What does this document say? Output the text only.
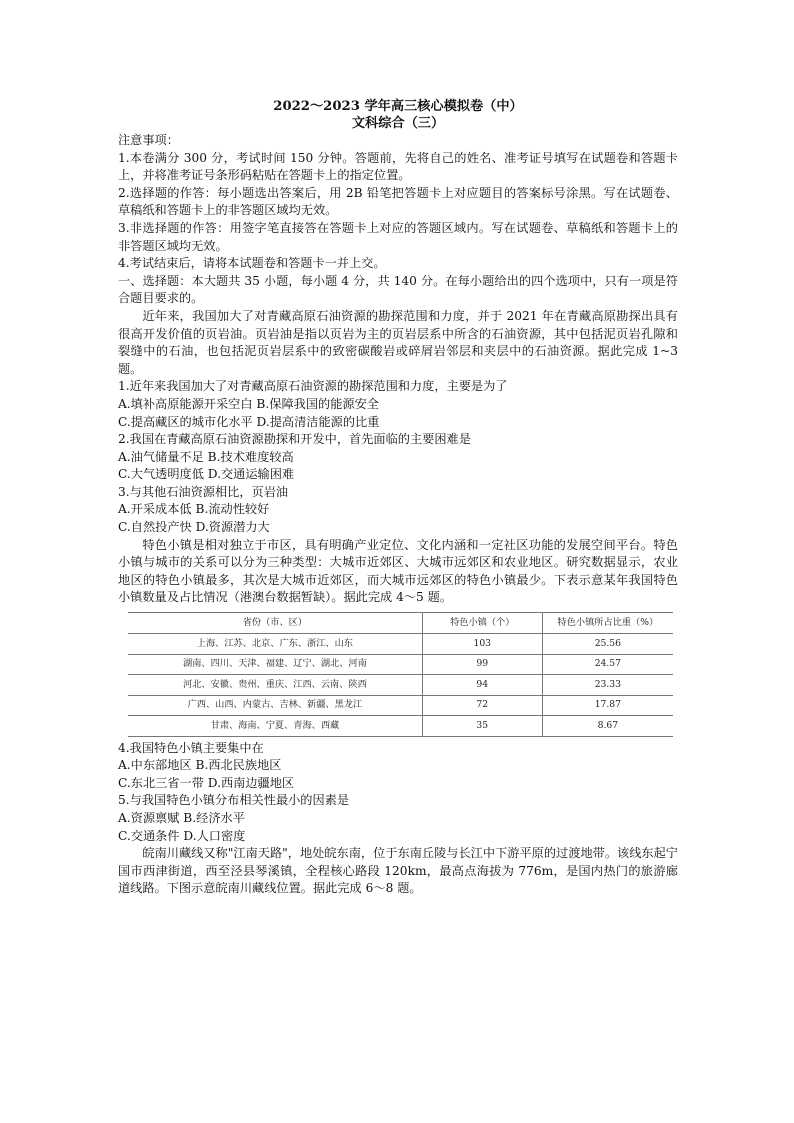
2022～2023 学年高三核心模拟卷（中）

文科综合（三）

注意事项：

1.本卷满分 300 分，考试时间 150 分钟。答题前，先将自己的姓名、准考证号填写在试题卷和答题卡上，并将准考证号条形码粘贴在答题卡上的指定位置。

2.选择题的作答：每小题选出答案后，用 2B 铅笔把答题卡上对应题目的答案标号涂黑。写在试题卷、草稿纸和答题卡上的非答题区域均无效。

3.非选择题的作答：用签字笔直接答在答题卡上对应的答题区域内。写在试题卷、草稿纸和答题卡上的非答题区域均无效。

4.考试结束后，请将本试题卷和答题卡一并上交。

一、选择题：本大题共 35 小题，每小题 4 分，共 140 分。在每小题给出的四个选项中，只有一项是符合题目要求的。

近年来，我国加大了对青藏高原石油资源的勘探范围和力度，并于 2021 年在青藏高原勘探出具有很高开发价值的页岩油。页岩油是指以页岩为主的页岩层系中所含的石油资源，其中包括泥页岩孔隙和裂缝中的石油，也包括泥页岩层系中的致密碳酸岩或碎屑岩邻层和夹层中的石油资源。据此完成 1~3 题。

1.近年来我国加大了对青藏高原石油资源的勘探范围和力度，主要是为了

A.填补高原能源开采空白 B.保障我国的能源安全

C.提高藏区的城市化水平 D.提高清洁能源的比重

2.我国在青藏高原石油资源勘探和开发中，首先面临的主要困难是

A.油气储量不足 B.技术难度较高

C.大气透明度低 D.交通运输困难

3.与其他石油资源相比，页岩油

A.开采成本低 B.流动性较好

C.自然投产快 D.资源潜力大

特色小镇是相对独立于市区，具有明确产业定位、文化内涵和一定社区功能的发展空间平台。特色小镇与城市的关系可以分为三种类型：大城市近郊区、大城市远郊区和农业地区。研究数据显示，农业地区的特色小镇最多，其次是大城市近郊区，而大城市远郊区的特色小镇最少。下表示意某年我国特色小镇数量及占比情况（港澳台数据暂缺）。据此完成 4～5 题。

省份（市、区）	特色小镇（个）	特色小镇所占比重（%）
上海、江苏、北京、广东、浙江、山东	103	25.56
湖南、四川、天津、福建、辽宁、湖北、河南	99	24.57
河北、安徽、贵州、重庆、江西、云南、陕西	94	23.33
广西、山西、内蒙古、吉林、新疆、黑龙江	72	17.87
甘肃、海南、宁夏、青海、西藏	35	8.67

4.我国特色小镇主要集中在

A.中东部地区 B.西北民族地区

C.东北三省一带 D.西南边疆地区

5.与我国特色小镇分布相关性最小的因素是

A.资源禀赋 B.经济水平

C.交通条件 D.人口密度

皖南川藏线又称"江南天路"，地处皖东南，位于东南丘陵与长江中下游平原的过渡地带。该线东起宁国市西津街道，西至泾县琴溪镇，全程核心路段 120km，最高点海拔为 776m，是国内热门的旅游廊道线路。下图示意皖南川藏线位置。据此完成 6～8 题。
